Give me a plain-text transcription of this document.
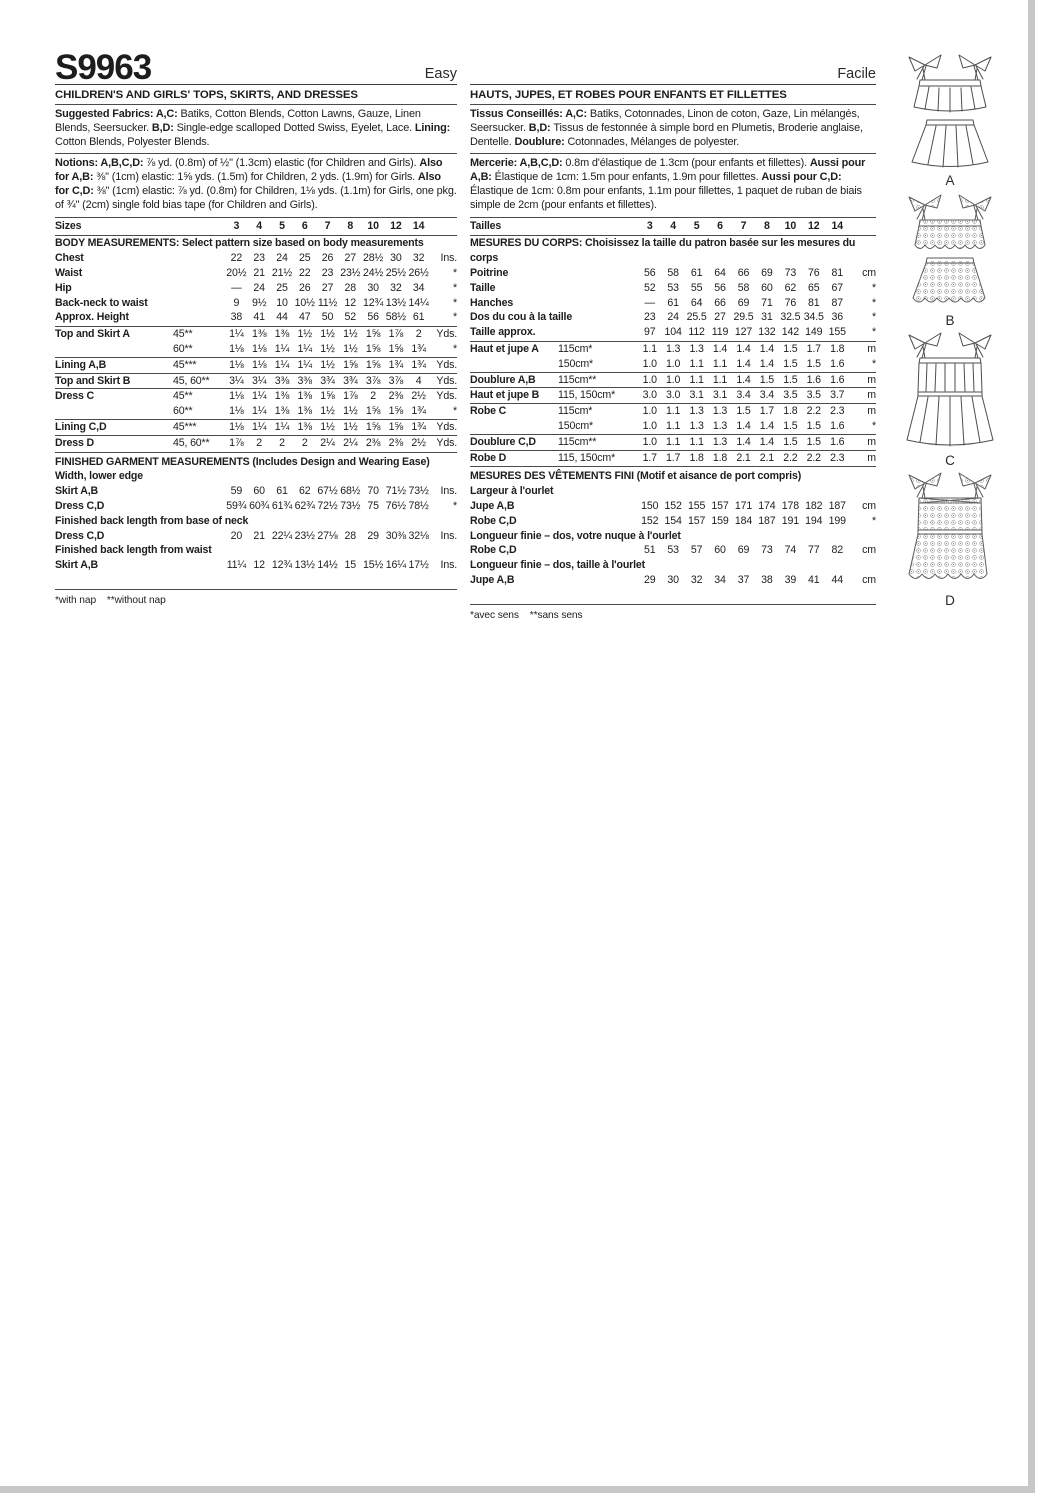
S9963	Easy
CHILDREN'S AND GIRLS' TOPS, SKIRTS, AND DRESSES
Suggested Fabrics: A,C: Batiks, Cotton Blends, Cotton Lawns, Gauze, Linen Blends, Seersucker. B,D: Single-edge scalloped Dotted Swiss, Eyelet, Lace. Lining: Cotton Blends, Polyester Blends.
Notions: A,B,C,D: ⅞ yd. (0.8m) of ½" (1.3cm) elastic (for Children and Girls). Also for A,B: ⅜" (1cm) elastic: 1⅝ yds. (1.5m) for Children, 2 yds. (1.9m) for Girls. Also for C,D: ⅜" (1cm) elastic: ⅞ yd. (0.8m) for Children, 1⅛ yds. (1.1m) for Girls, one pkg. of ¾" (2cm) single fold bias tape (for Children and Girls).
Sizes	3	4	5	6	7	8	10	12	14
BODY MEASUREMENTS: Select pattern size based on body measurements
Chest	22	23	24	25	26	27 28½ 30	32	Ins.
Waist	20½ 21 21½ 22	23 23½ 24½ 25½ 26½	*
Hip	—	24	25	26	27	28	30	32	34	*
Back-neck to waist	9	9½ 10 10½ 11½ 12 12¾ 13½ 14¼	*
Approx. Height	38	41	44	47	50	52	56 58½ 61	*
Top and Skirt A	45**	1¼ 1⅜ 1⅜ 1½ 1½ 1½ 1⅝ 1⅞	2	Yds.
60**	1⅛ 1⅛ 1¼ 1¼ 1½ 1½ 1⅝ 1⅝ 1¾	*
Lining A,B	45***	1⅛ 1⅛ 1¼ 1¼ 1½ 1⅝ 1⅝ 1¾ 1¾ Yds.
Top and Skirt B	45, 60**	3¼ 3¼ 3⅜ 3⅜ 3¾ 3¾ 3⅞ 3⅞	4	Yds.
Dress C	45**	1⅛ 1¼ 1⅜ 1⅜ 1⅝ 1⅞	2	2⅜ 2½ Yds.
60**	1⅛ 1¼ 1⅜ 1⅜ 1½ 1½ 1⅝ 1⅝ 1¾	*
Lining C,D	45***	1⅛ 1¼ 1¼ 1⅜ 1½ 1½ 1⅝ 1⅝ 1¾ Yds.
Dress D	45, 60**	1⅞	2	2	2	2¼ 2¼ 2⅜ 2⅜ 2½ Yds.
FINISHED GARMENT MEASUREMENTS (Includes Design and Wearing Ease)
Width, lower edge
Skirt A,B	59	60	61	62 67½ 68½ 70 71½ 73½	Ins.
Dress C,D	59¾ 60¾ 61¾ 62¾ 72½ 73½ 75 76½ 78½	*
Finished back length from base of neck
Dress C,D	20	21 22¼ 23½ 27⅛ 28	29 30⅜ 32⅛	Ins.
Finished back length from waist
Skirt A,B	11¼ 12 12¾ 13½ 14½ 15 15½ 16¼ 17½	Ins.
*with nap    **without nap
Facile
HAUTS, JUPES, ET ROBES POUR ENFANTS ET FILLETTES
Tissus Conseillés: A,C: Batiks, Cotonnades, Linon de coton, Gaze, Lin mélangés, Seersucker. B,D: Tissus de festonnée à simple bord en Plumetis, Broderie anglaise, Dentelle. Doublure: Cotonnades, Mélanges de polyester.
Mercerie: A,B,C,D: 0.8m d'élastique de 1.3cm (pour enfants et fillettes). Aussi pour A,B: Élastique de 1cm: 1.5m pour enfants, 1.9m pour fillettes. Aussi pour C,D: Élastique de 1cm: 0.8m pour enfants, 1.1m pour fillettes, 1 paquet de ruban de biais simple de 2cm (pour enfants et fillettes).
Tailles	3	4	5	6	7	8	10	12	14
MESURES DU CORPS: Choisissez la taille du patron basée sur les mesures du corps
Poitrine	56	58	61	64	66	69	73	76	81	cm
Taille	52	53	55	56	58	60	62	65	67	*
Hanches	—	61	64	66	69	71	76	81	87	*
Dos du cou à la taille	23	24 25.5 27 29.5 31 32.5 34.5 36	*
Taille approx.	97 104 112 119 127 132 142 149 155	*
Haut et jupe A	115cm*	1.1 1.3 1.3 1.4 1.4 1.4 1.5 1.7 1.8	m
150cm*	1.0 1.0 1.1 1.1 1.4 1.4 1.5 1.5 1.6	*
Doublure A,B	115cm**	1.0 1.0 1.1 1.1 1.4 1.5 1.5 1.6 1.6	m
Haut et jupe B	115, 150cm*	3.0 3.0 3.1 3.1 3.4 3.4 3.5 3.5 3.7	m
Robe C	115cm*	1.0 1.1 1.3 1.3 1.5 1.7 1.8 2.2 2.3	m
150cm*	1.0 1.1 1.3 1.3 1.4 1.4 1.5 1.5 1.6	*
Doublure C,D	115cm**	1.0 1.1 1.1 1.3 1.4 1.4 1.5 1.5 1.6	m
Robe D	115, 150cm*	1.7 1.7 1.8 1.8 2.1 2.1 2.2 2.2 2.3	m
MESURES DES VÊTEMENTS FINI (Motif et aisance de port compris)
Largeur à l'ourlet
Jupe A,B	150 152 155 157 171 174 178 182 187	cm
Robe C,D	152 154 157 159 184 187 191 194 199	*
Longueur finie – dos, votre nuque à l'ourlet
Robe C,D	51	53	57	60	69	73	74	77	82	cm
Longueur finie – dos, taille à l'ourlet
Jupe A,B	29	30	32	34	37	38	39	41	44	cm
*avec sens    **sans sens
A
B
C
D
